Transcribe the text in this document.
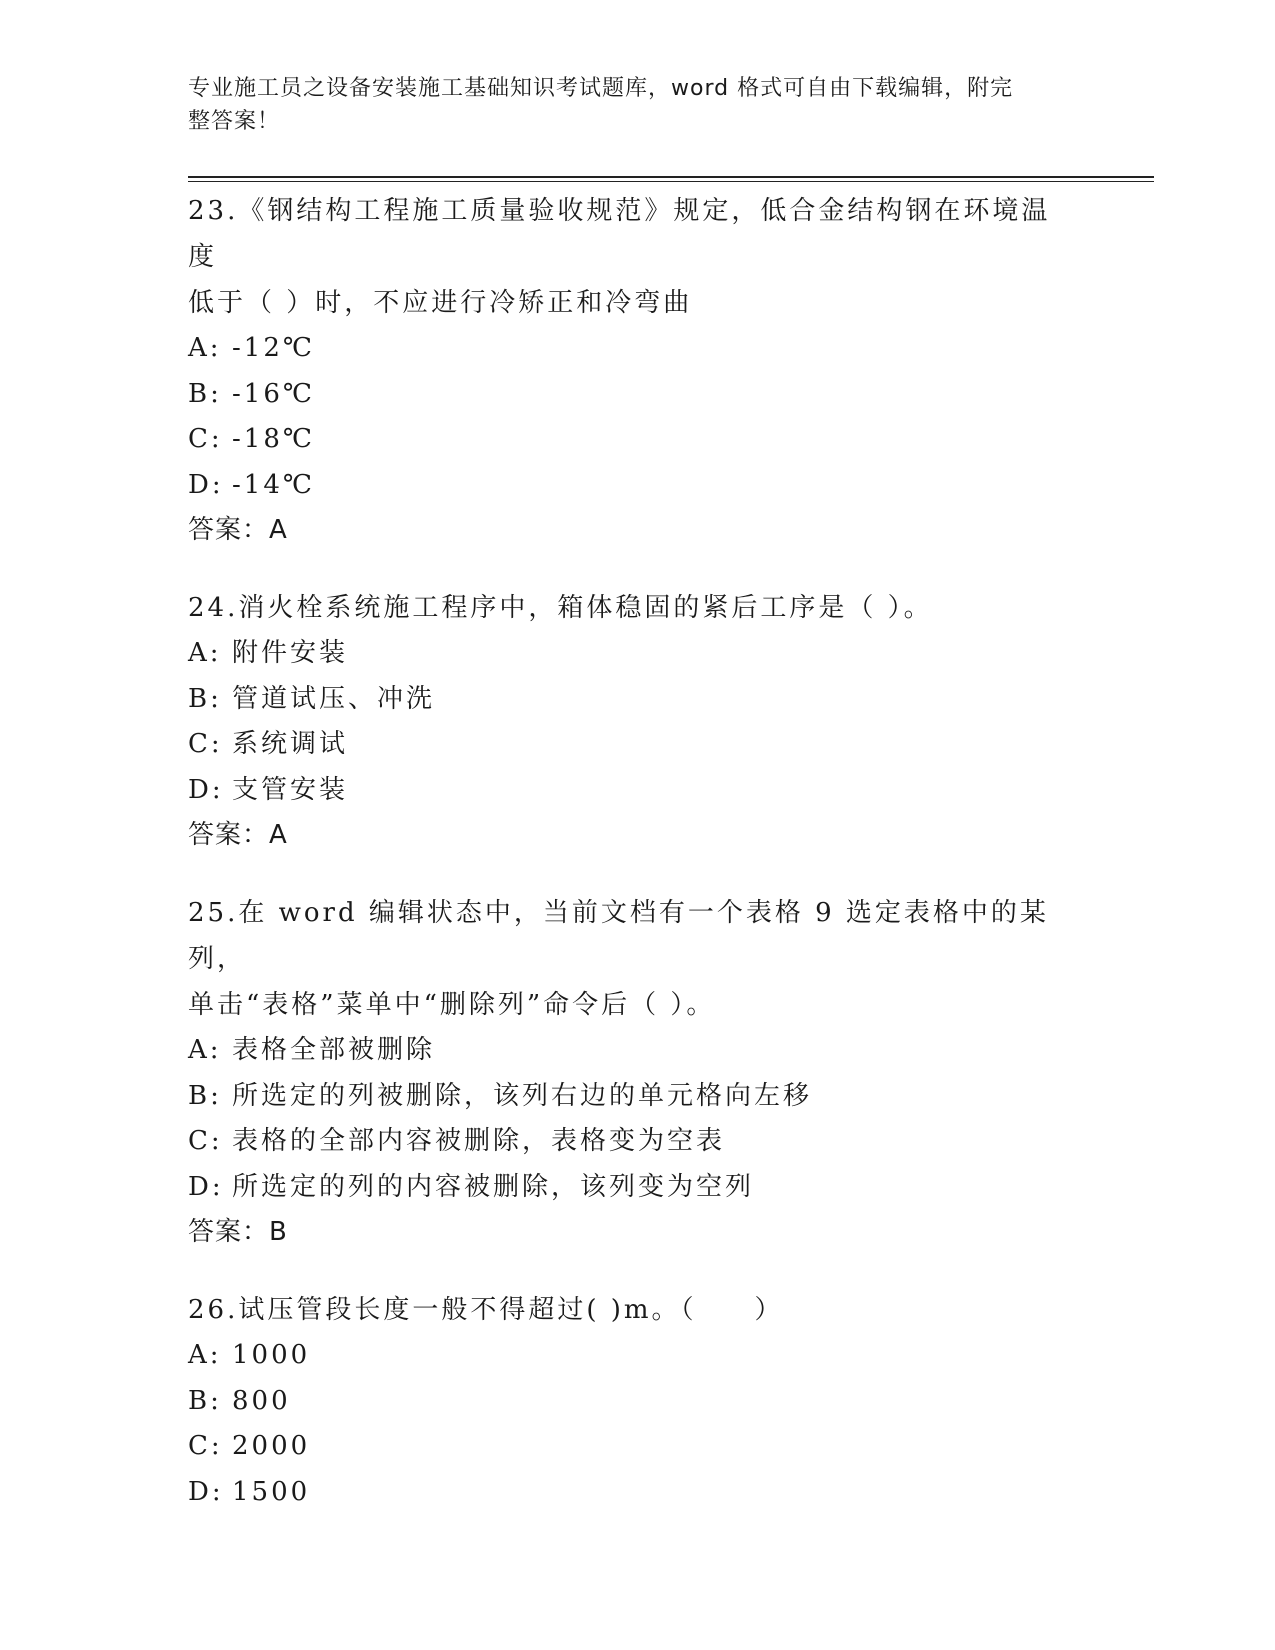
专业施工员之设备安装施工基础知识考试题库，word 格式可自由下载编辑，附完
整答案！

23.《钢结构工程施工质量验收规范》规定，低合金结构钢在环境温度
低于（ ）时，不应进行冷矫正和冷弯曲

A: -12℃

B: -16℃

C: -18℃

D: -14℃

答案：A

24.消火栓系统施工程序中，箱体稳固的紧后工序是（ ）。

A: 附件安装

B: 管道试压、冲洗

C: 系统调试

D: 支管安装

答案：A

25.在 word 编辑状态中，当前文档有一个表格 9 选定表格中的某列，
单击“表格”菜单中“删除列”命令后（ ）。

A: 表格全部被删除

B: 所选定的列被删除，该列右边的单元格向左移

C: 表格的全部内容被删除，表格变为空表

D: 所选定的列的内容被删除，该列变为空列

答案：B

26.试压管段长度一般不得超过( )m。（　　）

A: 1000

B: 800

C: 2000

D: 1500
